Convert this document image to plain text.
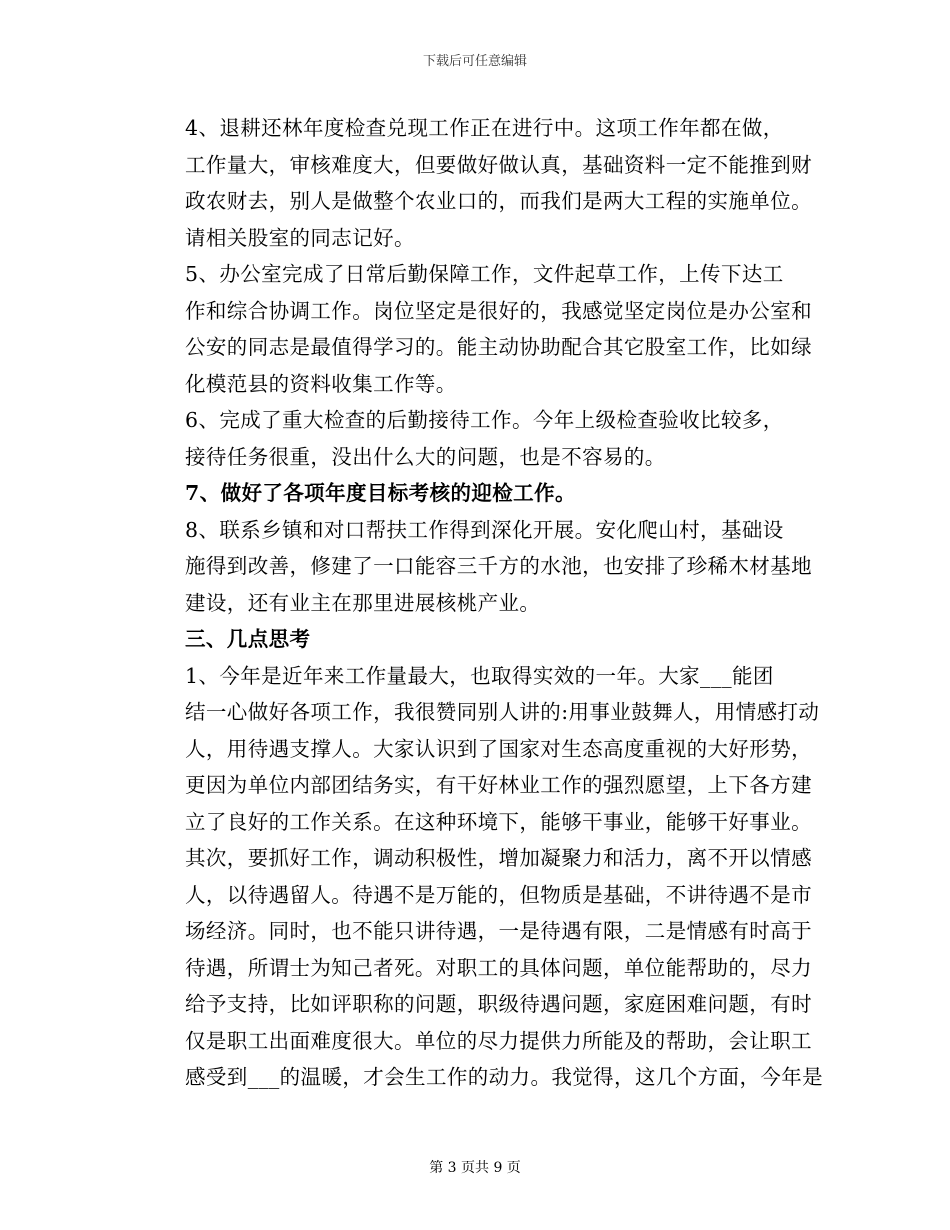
下载后可任意编辑
4、退耕还林年度检查兑现工作正在进行中。这项工作年都在做，
工作量大，审核难度大，但要做好做认真，基础资料一定不能推到财
政农财去，别人是做整个农业口的，而我们是两大工程的实施单位。
请相关股室的同志记好。
5、办公室完成了日常后勤保障工作，文件起草工作，上传下达工
作和综合协调工作。岗位坚定是很好的，我感觉坚定岗位是办公室和
公安的同志是最值得学习的。能主动协助配合其它股室工作，比如绿
化模范县的资料收集工作等。
6、完成了重大检查的后勤接待工作。今年上级检查验收比较多，
接待任务很重，没出什么大的问题，也是不容易的。
7、做好了各项年度目标考核的迎检工作。
8、联系乡镇和对口帮扶工作得到深化开展。安化爬山村，基础设
施得到改善，修建了一口能容三千方的水池，也安排了珍稀木材基地
建设，还有业主在那里进展核桃产业。
三、几点思考
1、今年是近年来工作量最大，也取得实效的一年。大家___能团
结一心做好各项工作，我很赞同别人讲的:用事业鼓舞人，用情感打动
人，用待遇支撑人。大家认识到了国家对生态高度重视的大好形势，
更因为单位内部团结务实，有干好林业工作的强烈愿望，上下各方建
立了良好的工作关系。在这种环境下，能够干事业，能够干好事业。
其次，要抓好工作，调动积极性，增加凝聚力和活力，离不开以情感
人，以待遇留人。待遇不是万能的，但物质是基础，不讲待遇不是市
场经济。同时，也不能只讲待遇，一是待遇有限，二是情感有时高于
待遇，所谓士为知己者死。对职工的具体问题，单位能帮助的，尽力
给予支持，比如评职称的问题，职级待遇问题，家庭困难问题，有时
仅是职工出面难度很大。单位的尽力提供力所能及的帮助，会让职工
感受到___的温暖，才会生工作的动力。我觉得，这几个方面，今年是
第 3 页共 9 页
